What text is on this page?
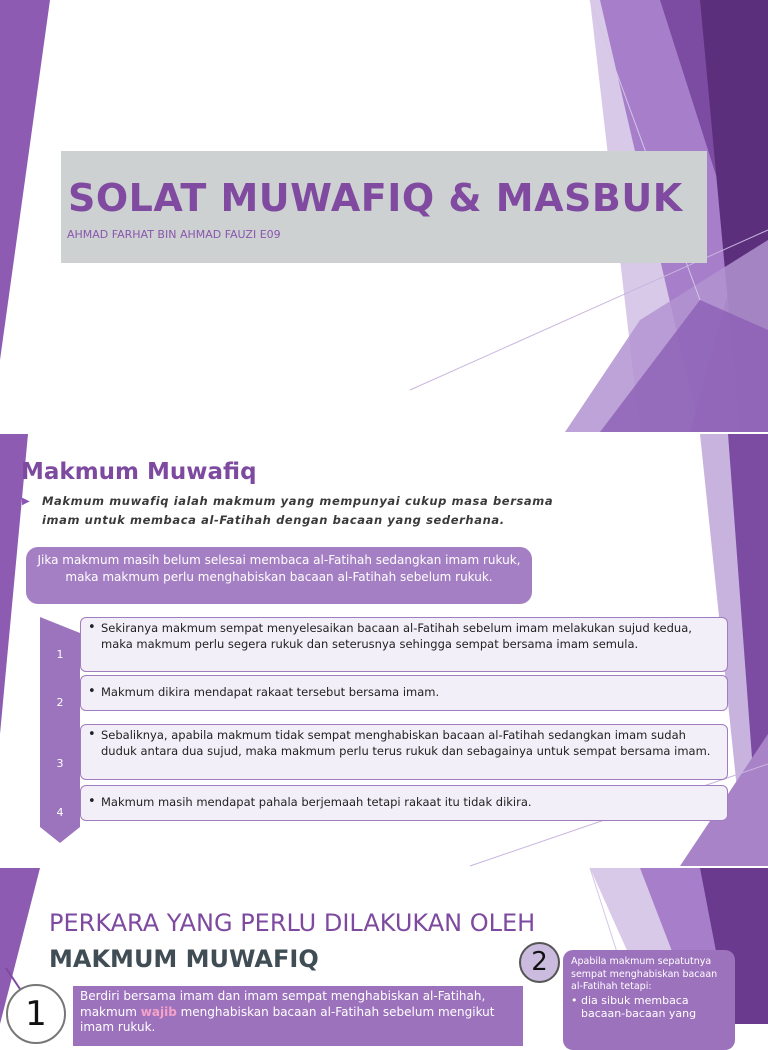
SOLAT MUWAFIQ & MASBUK
AHMAD FARHAT BIN AHMAD FAUZI E09
Makmum Muwafiq
▶ Makmum muwafiq ialah makmum yang mempunyai cukup masa bersama imam untuk membaca al-Fatihah dengan bacaan yang sederhana.
Jika makmum masih belum selesai membaca al-Fatihah sedangkan imam rukuk, maka makmum perlu menghabiskan bacaan al-Fatihah sebelum rukuk.
1
• Sekiranya makmum sempat menyelesaikan bacaan al-Fatihah sebelum imam melakukan sujud kedua, maka makmum perlu segera rukuk dan seterusnya sehingga sempat bersama imam semula.
2
• Makmum dikira mendapat rakaat tersebut bersama imam.
3
• Sebaliknya, apabila makmum tidak sempat menghabiskan bacaan al-Fatihah sedangkan imam sudah duduk antara dua sujud, maka makmum perlu terus rukuk dan sebagainya untuk sempat bersama imam.
4
• Makmum masih mendapat pahala berjemaah tetapi rakaat itu tidak dikira.
PERKARA YANG PERLU DILAKUKAN OLEH
MAKMUM MUWAFIQ
Berdiri bersama imam dan imam sempat menghabiskan al-Fatihah, makmum wajib menghabiskan bacaan al-Fatihah sebelum mengikut imam rukuk.
Apabila makmum sepatutnya sempat menghabiskan bacaan al-Fatihah tetapi:
• dia sibuk membaca bacaan-bacaan yang
2
1
